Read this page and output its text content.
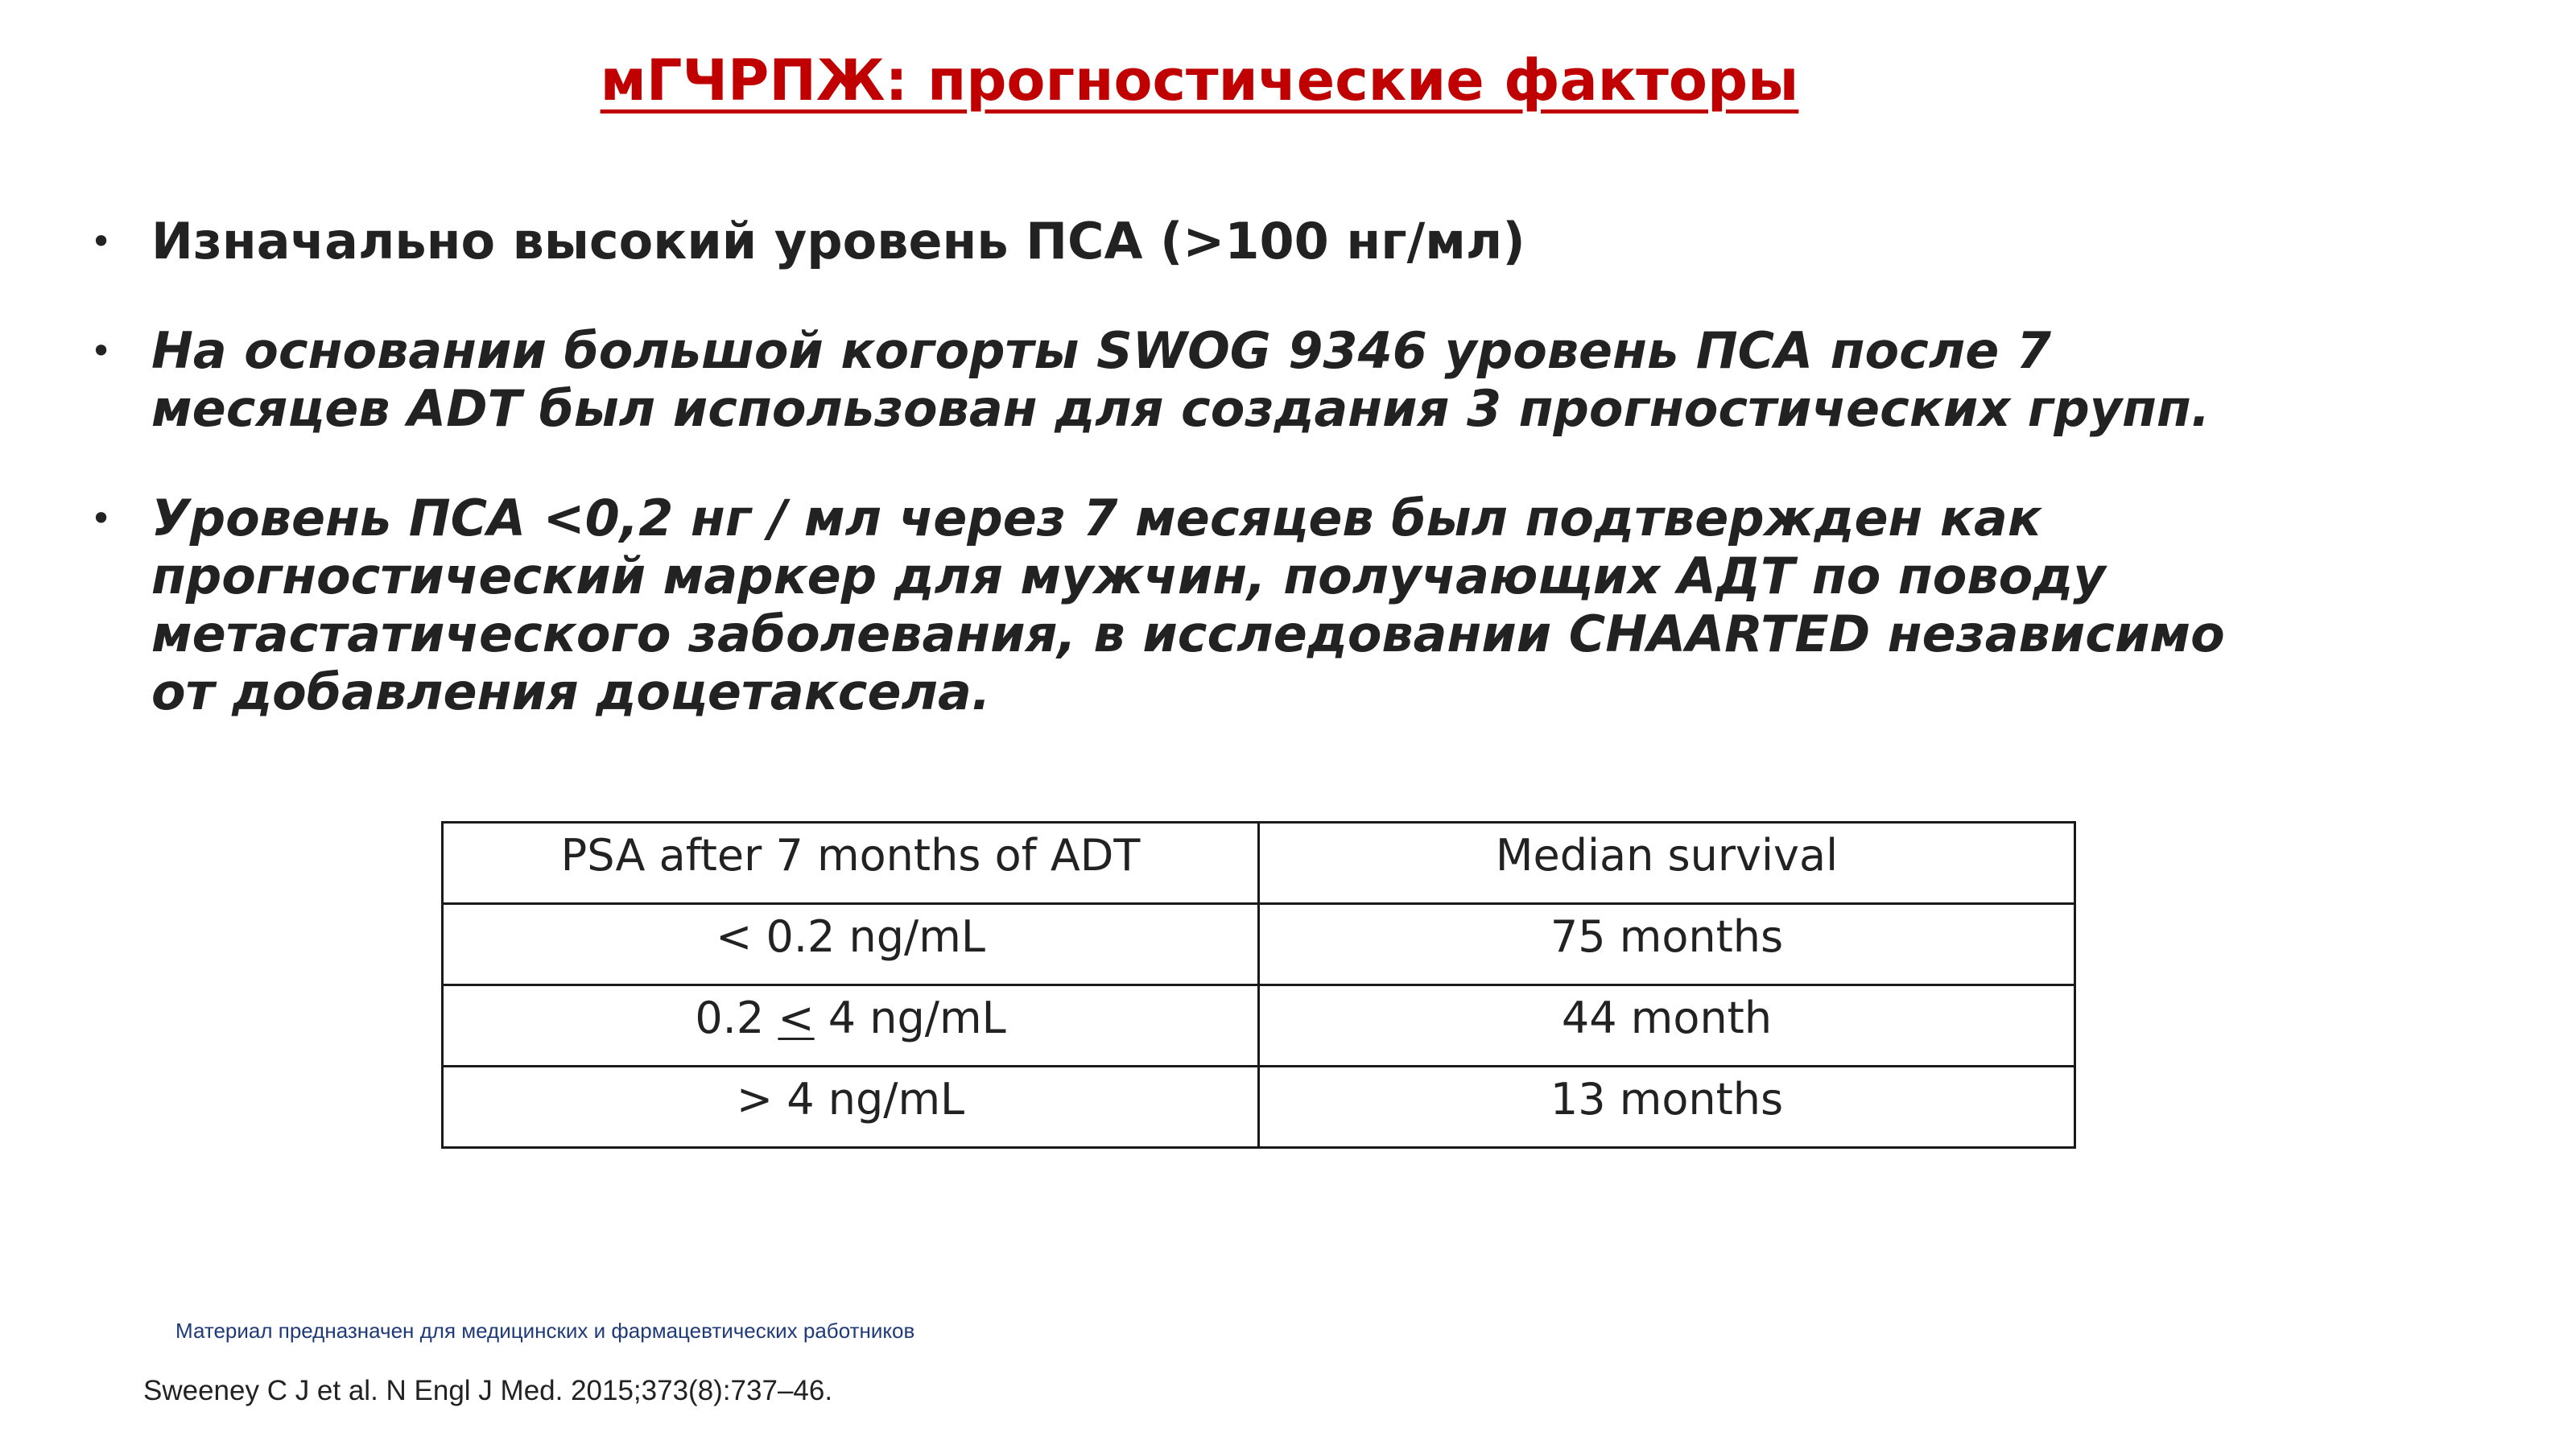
мГЧРПЖ: прогностические факторы
• Изначально высокий уровень ПСА (>100 нг/мл)
• На основании большой когорты SWOG 9346 уровень ПСА после 7
месяцев ADT был использован для создания 3 прогностических групп.
• Уровень ПСА <0,2 нг / мл через 7 месяцев был подтвержден как
прогностический маркер для мужчин, получающих АДТ по поводу
метастатического заболевания, в исследовании CHAARTED независимо
от добавления доцетаксела.
PSA after 7 months of ADT	Median survival
< 0.2 ng/mL	75 months
0.2 ≤ 4 ng/mL	44 month
> 4 ng/mL	13 months
Материал предназначен для медицинских и фармацевтических работников
Sweeney C J et al. N Engl J Med. 2015;373(8):737–46.
